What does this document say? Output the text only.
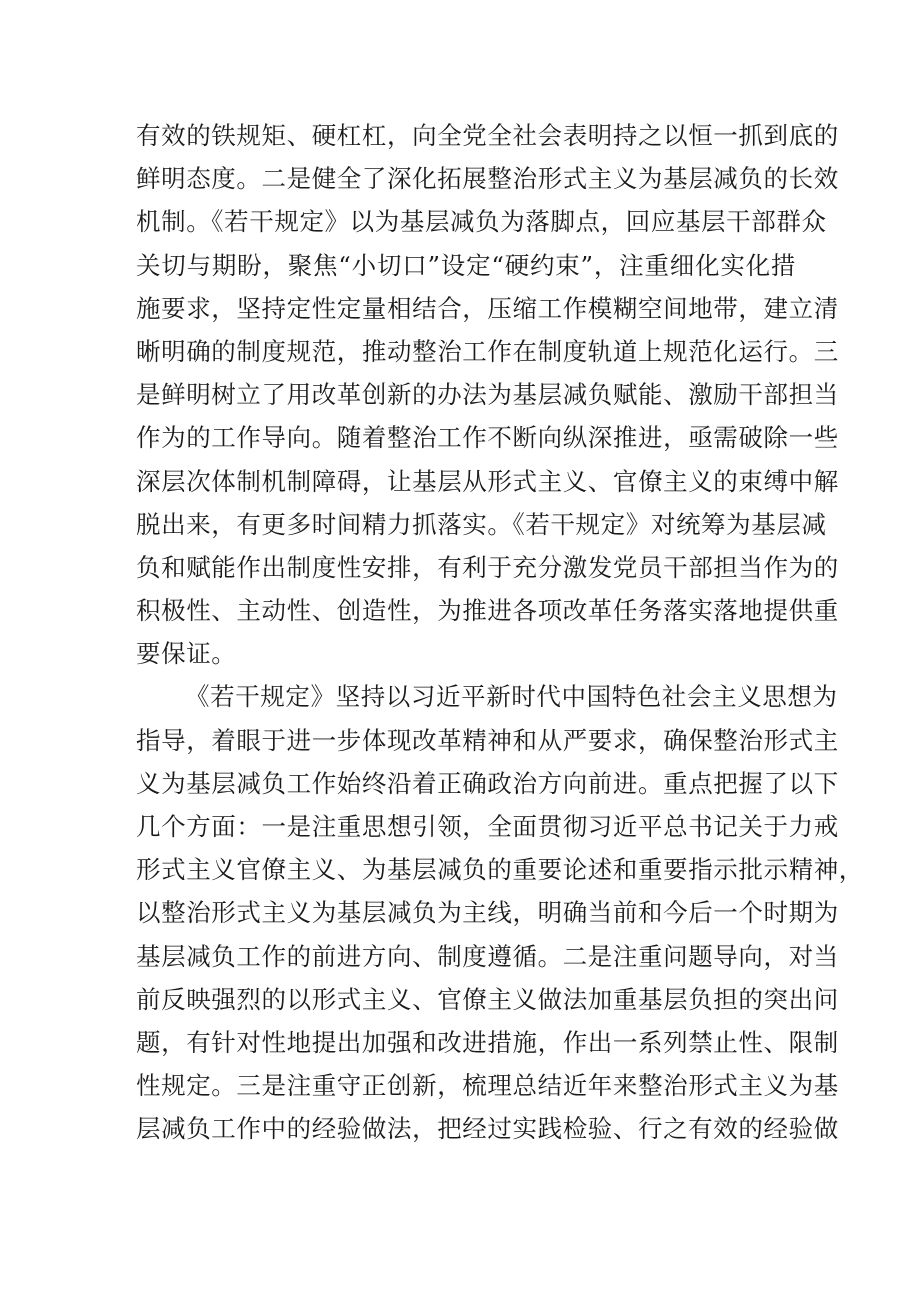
有效的铁规矩、硬杠杠，向全党全社会表明持之以恒一抓到底的
鲜明态度。二是健全了深化拓展整治形式主义为基层减负的长效
机制。《若干规定》以为基层减负为落脚点，回应基层干部群众
关切与期盼，聚焦“小切口”设定“硬约束”，注重细化实化措
施要求，坚持定性定量相结合，压缩工作模糊空间地带，建立清
晰明确的制度规范，推动整治工作在制度轨道上规范化运行。三
是鲜明树立了用改革创新的办法为基层减负赋能、激励干部担当
作为的工作导向。随着整治工作不断向纵深推进，亟需破除一些
深层次体制机制障碍，让基层从形式主义、官僚主义的束缚中解
脱出来，有更多时间精力抓落实。《若干规定》对统筹为基层减
负和赋能作出制度性安排，有利于充分激发党员干部担当作为的
积极性、主动性、创造性，为推进各项改革任务落实落地提供重
要保证。
《若干规定》坚持以习近平新时代中国特色社会主义思想为
指导，着眼于进一步体现改革精神和从严要求，确保整治形式主
义为基层减负工作始终沿着正确政治方向前进。重点把握了以下
几个方面：一是注重思想引领，全面贯彻习近平总书记关于力戒
形式主义官僚主义、为基层减负的重要论述和重要指示批示精神，
以整治形式主义为基层减负为主线，明确当前和今后一个时期为
基层减负工作的前进方向、制度遵循。二是注重问题导向，对当
前反映强烈的以形式主义、官僚主义做法加重基层负担的突出问
题，有针对性地提出加强和改进措施，作出一系列禁止性、限制
性规定。三是注重守正创新，梳理总结近年来整治形式主义为基
层减负工作中的经验做法，把经过实践检验、行之有效的经验做
